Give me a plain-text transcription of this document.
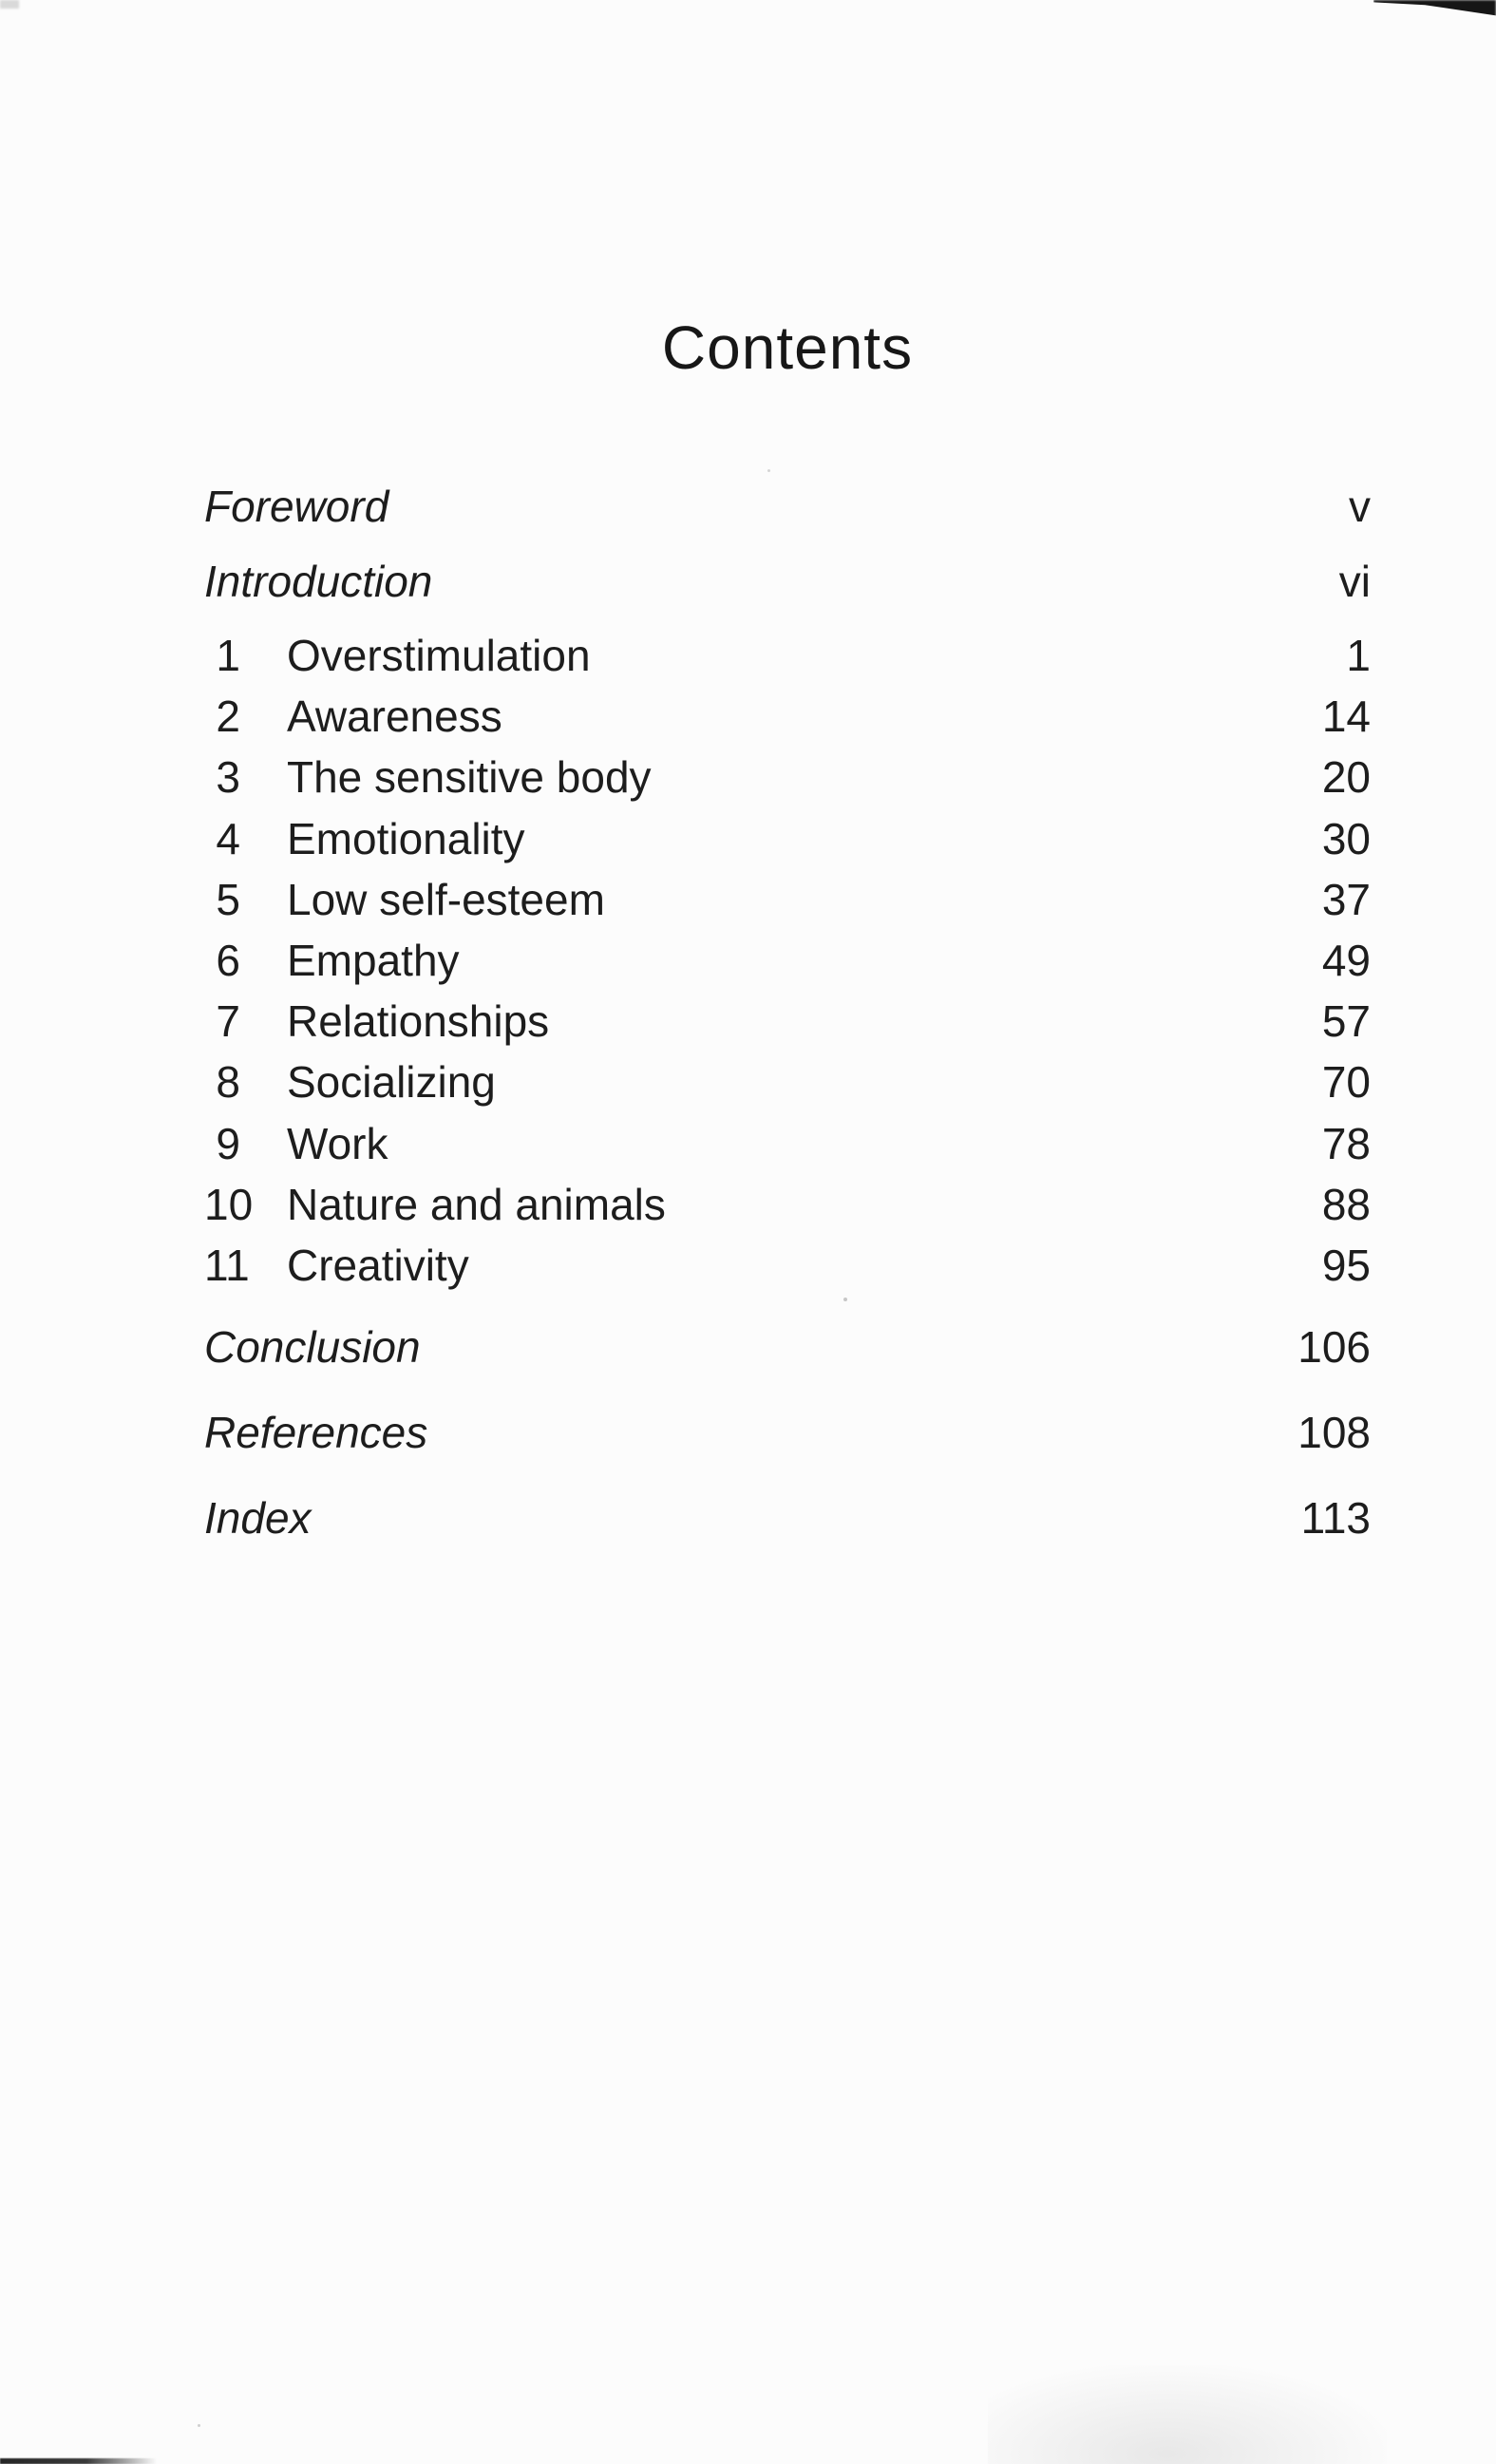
Contents
Foreword	v
Introduction	vi
1 Overstimulation	1
2 Awareness	14
3 The sensitive body	20
4 Emotionality	30
5 Low self-esteem	37
6 Empathy	49
7 Relationships	57
8 Socializing	70
9 Work	78
10 Nature and animals	88
11 Creativity	95
Conclusion	106
References	108
Index	113
